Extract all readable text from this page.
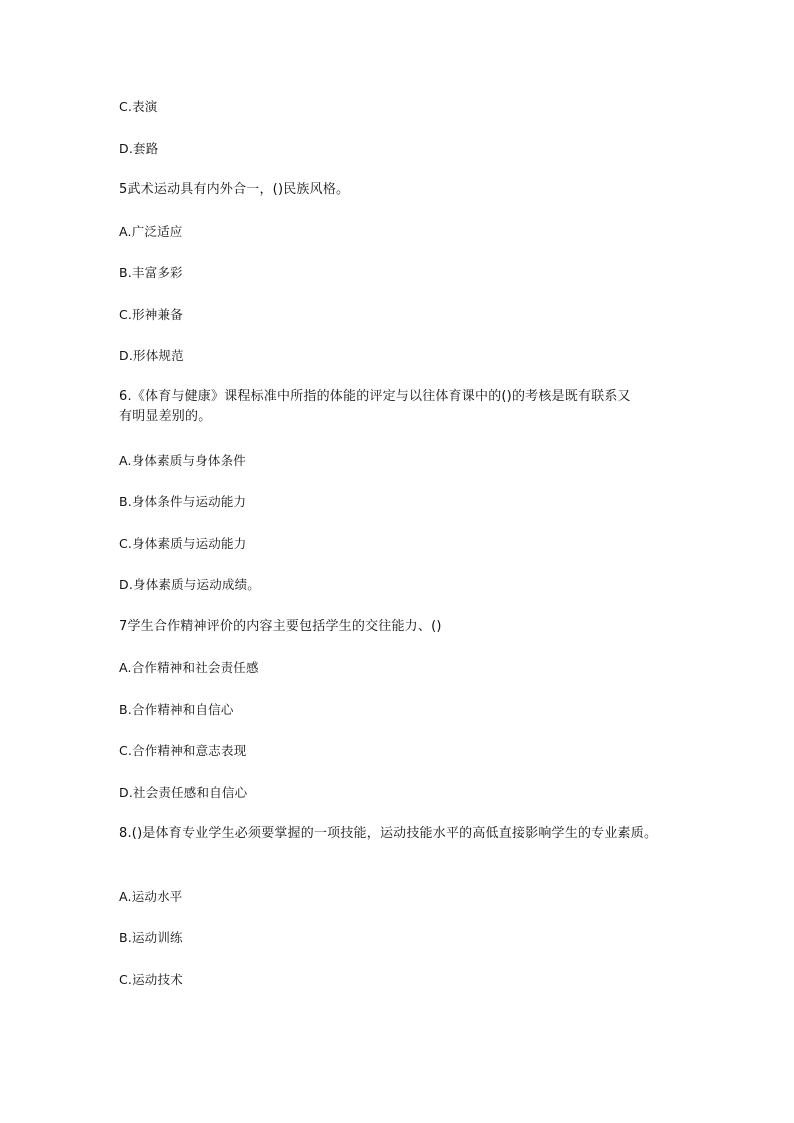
C.表演
D.套路
5武术运动具有内外合一，()民族风格。
A.广泛适应
B.丰富多彩
C.形神兼备
D.形体规范
6.《体育与健康》课程标准中所指的体能的评定与以往体育课中的()的考核是既有联系又
有明显差别的。
A.身体素质与身体条件
B.身体条件与运动能力
C.身体素质与运动能力
D.身体素质与运动成绩。
7学生合作精神评价的内容主要包括学生的交往能力、()
A.合作精神和社会责任感
B.合作精神和自信心
C.合作精神和意志表现
D.社会责任感和自信心
8.()是体育专业学生必须要掌握的一项技能，运动技能水平的高低直接影响学生的专业素质。
A.运动水平
B.运动训练
C.运动技术
